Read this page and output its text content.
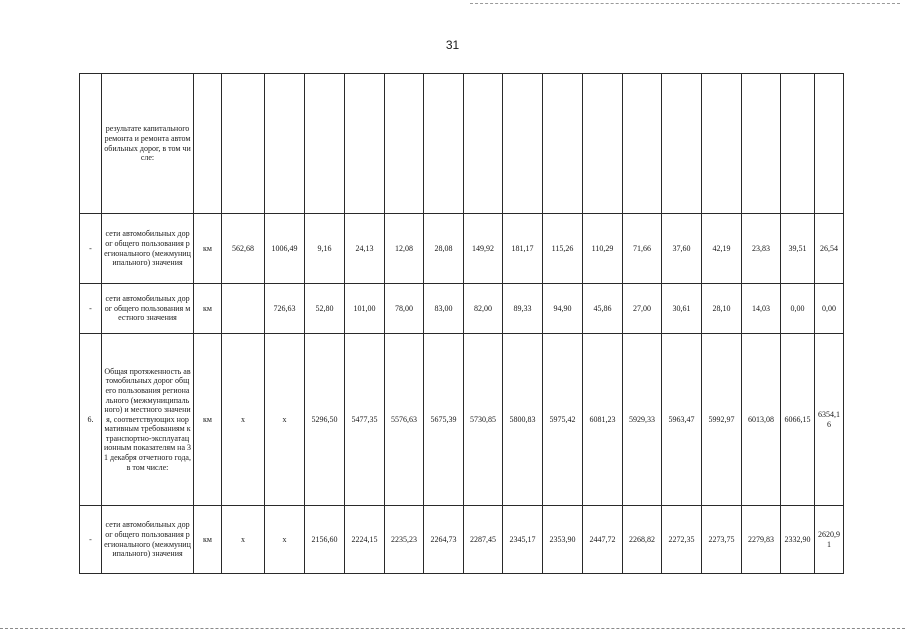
31
	результате капитального ремонта и ремонта автомобильных дорог, в том числе:																	
-	сети автомобильных дорог общего пользования регионального (межмуниципального) значения	км	562,68	1006,49	9,16	24,13	12,08	28,08	149,92	181,17	115,26	110,29	71,66	37,60	42,19	23,83	39,51	26,54
-	сети автомобильных дорог общего пользования местного значения	км		726,63	52,80	101,00	78,00	83,00	82,00	89,33	94,90	45,86	27,00	30,61	28,10	14,03	0,00	0,00
6.	Общая протяженность автомобильных дорог общего пользования регионального (межмуниципального) и местного значения, соответствующих нормативным требованиям к транспортно-эксплуатационным показателям на 31 декабря отчетного года, в том числе:	км	x	x	5296,50	5477,35	5576,63	5675,39	5730,85	5800,83	5975,42	6081,23	5929,33	5963,47	5992,97	6013,08	6066,15	6354,16
-	сети автомобильных дорог общего пользования регионального (межмуниципального) значения	км	x	x	2156,60	2224,15	2235,23	2264,73	2287,45	2345,17	2353,90	2447,72	2268,82	2272,35	2273,75	2279,83	2332,90	2620,91
